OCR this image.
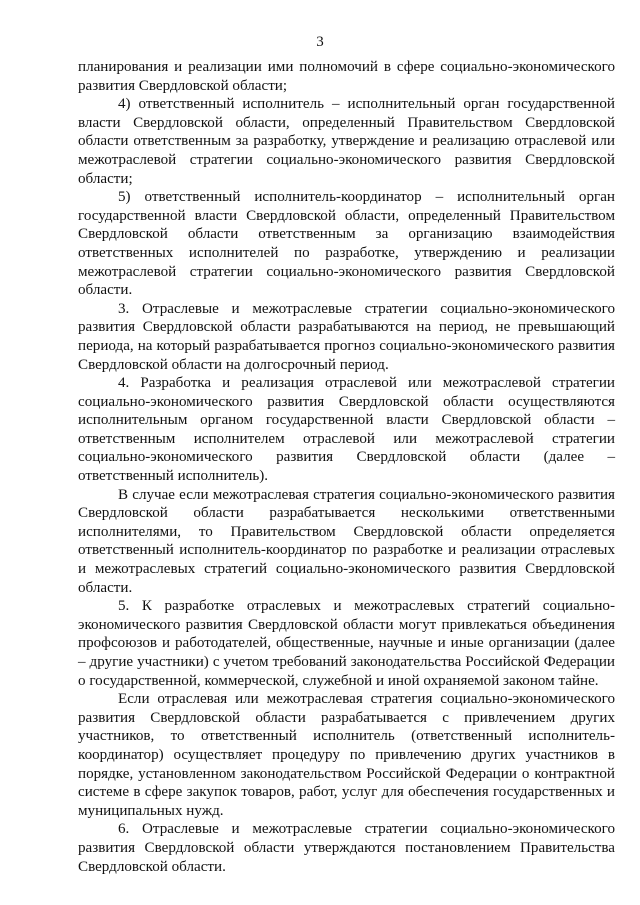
3

планирования и реализации ими полномочий в сфере социально-экономического развития Свердловской области;

4) ответственный исполнитель – исполнительный орган государственной власти Свердловской области, определенный Правительством Свердловской области ответственным за разработку, утверждение и реализацию отраслевой или межотраслевой стратегии социально-экономического развития Свердловской области;

5) ответственный исполнитель-координатор – исполнительный орган государственной власти Свердловской области, определенный Правительством Свердловской области ответственным за организацию взаимодействия ответственных исполнителей по разработке, утверждению и реализации межотраслевой стратегии социально-экономического развития Свердловской области.

3. Отраслевые и межотраслевые стратегии социально-экономического развития Свердловской области разрабатываются на период, не превышающий периода, на который разрабатывается прогноз социально-экономического развития Свердловской области на долгосрочный период.

4. Разработка и реализация отраслевой или межотраслевой стратегии социально-экономического развития Свердловской области осуществляются исполнительным органом государственной власти Свердловской области – ответственным исполнителем отраслевой или межотраслевой стратегии социально-экономического развития Свердловской области (далее – ответственный исполнитель).

В случае если межотраслевая стратегия социально-экономического развития Свердловской области разрабатывается несколькими ответственными исполнителями, то Правительством Свердловской области определяется ответственный исполнитель-координатор по разработке и реализации отраслевых и межотраслевых стратегий социально-экономического развития Свердловской области.

5. К разработке отраслевых и межотраслевых стратегий социально-экономического развития Свердловской области могут привлекаться объединения профсоюзов и работодателей, общественные, научные и иные организации (далее – другие участники) с учетом требований законодательства Российской Федерации о государственной, коммерческой, служебной и иной охраняемой законом тайне.

Если отраслевая или межотраслевая стратегия социально-экономического развития Свердловской области разрабатывается с привлечением других участников, то ответственный исполнитель (ответственный исполнитель-координатор) осуществляет процедуру по привлечению других участников в порядке, установленном законодательством Российской Федерации о контрактной системе в сфере закупок товаров, работ, услуг для обеспечения государственных и муниципальных нужд.

6. Отраслевые и межотраслевые стратегии социально-экономического развития Свердловской области утверждаются постановлением Правительства Свердловской области.
